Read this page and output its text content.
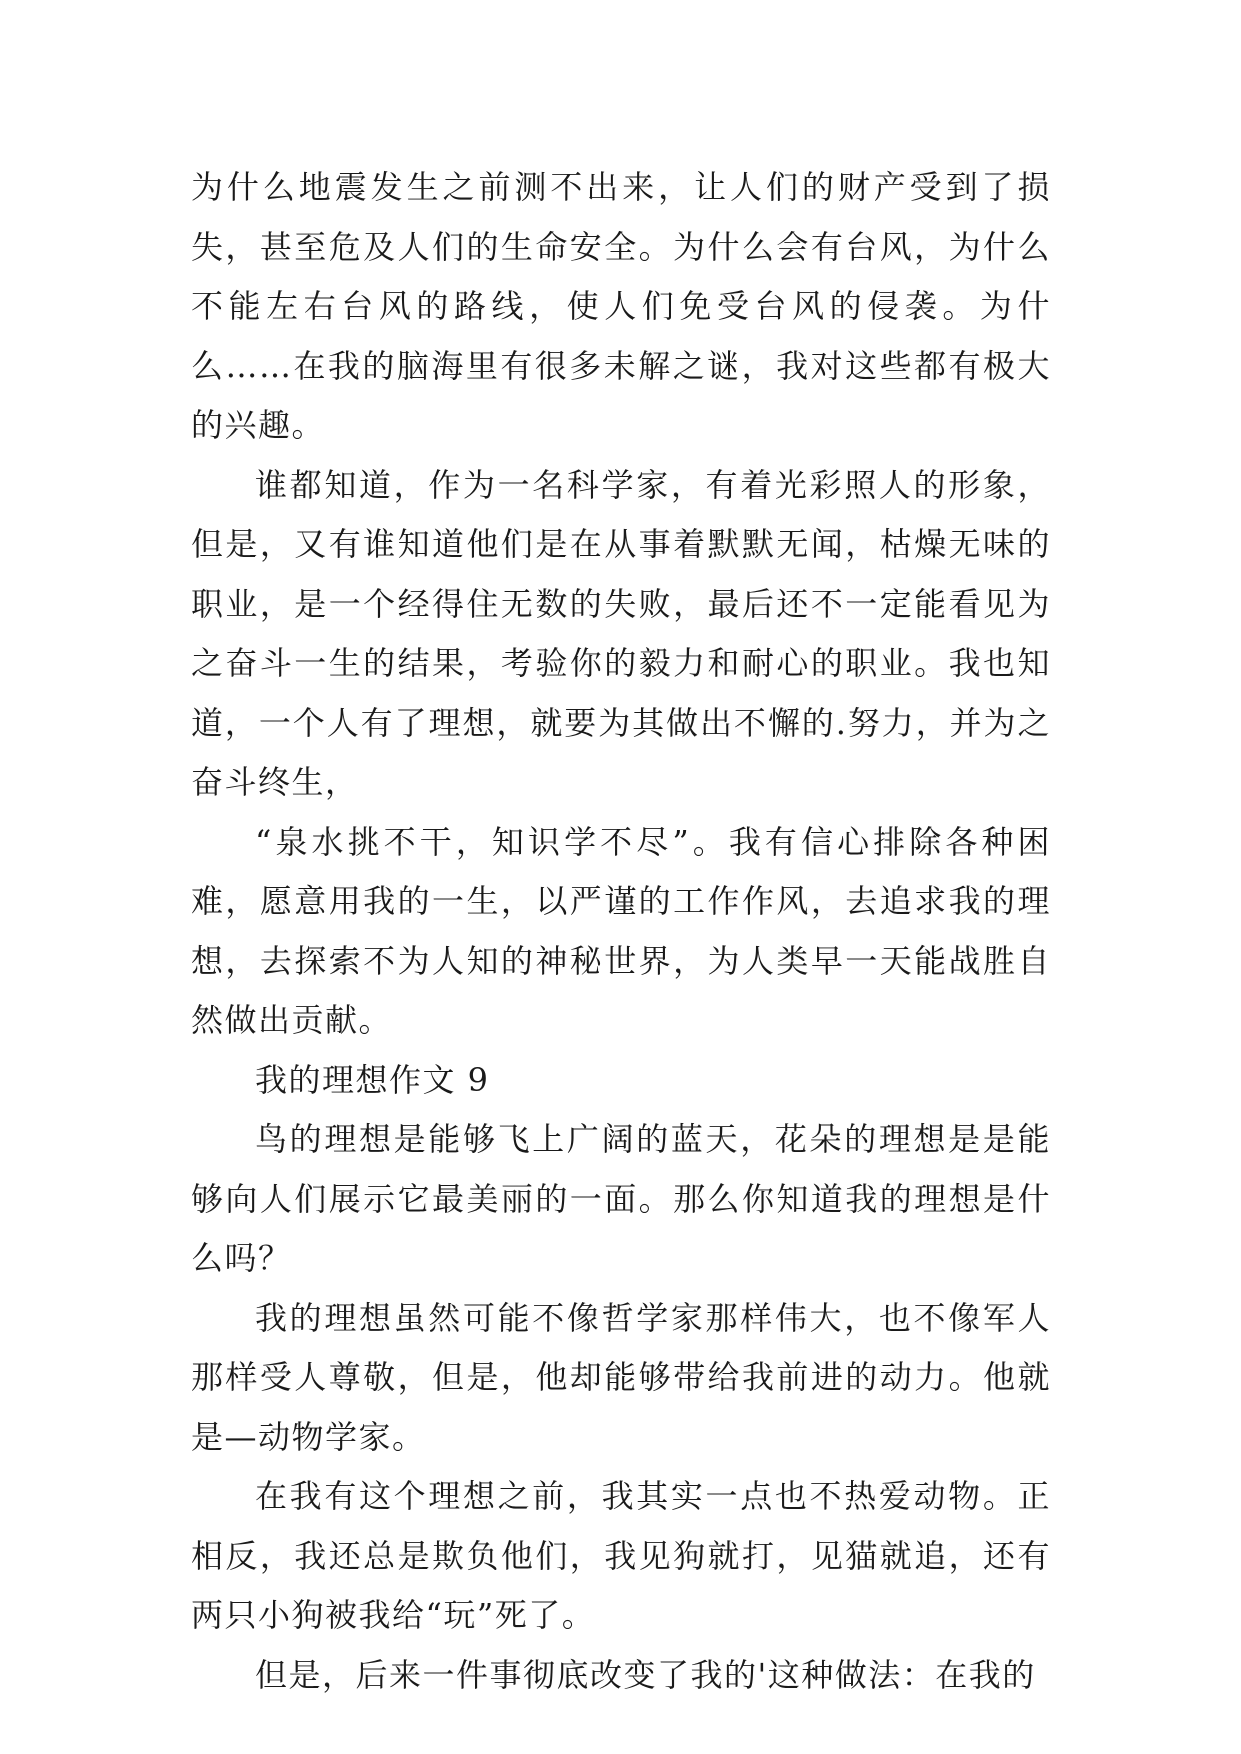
为什么地震发生之前测不出来，让人们的财产受到了损失，甚至危及人们的生命安全。为什么会有台风，为什么不能左右台风的路线，使人们免受台风的侵袭。为什么……在我的脑海里有很多未解之谜，我对这些都有极大的兴趣。

谁都知道，作为一名科学家，有着光彩照人的形象，但是，又有谁知道他们是在从事着默默无闻，枯燥无味的职业，是一个经得住无数的失败，最后还不一定能看见为之奋斗一生的结果，考验你的毅力和耐心的职业。我也知道，一个人有了理想，就要为其做出不懈的.努力，并为之奋斗终生，

“泉水挑不干，知识学不尽”。我有信心排除各种困难，愿意用我的一生，以严谨的工作作风，去追求我的理想，去探索不为人知的神秘世界，为人类早一天能战胜自然做出贡献。

我的理想作文 9

鸟的理想是能够飞上广阔的蓝天，花朵的理想是是能够向人们展示它最美丽的一面。那么你知道我的理想是什么吗？

我的理想虽然可能不像哲学家那样伟大，也不像军人那样受人尊敬，但是，他却能够带给我前进的动力。他就是—动物学家。

在我有这个理想之前，我其实一点也不热爱动物。正相反，我还总是欺负他们，我见狗就打，见猫就追，还有两只小狗被我给“玩”死了。

但是，后来一件事彻底改变了我的'这种做法：在我的
